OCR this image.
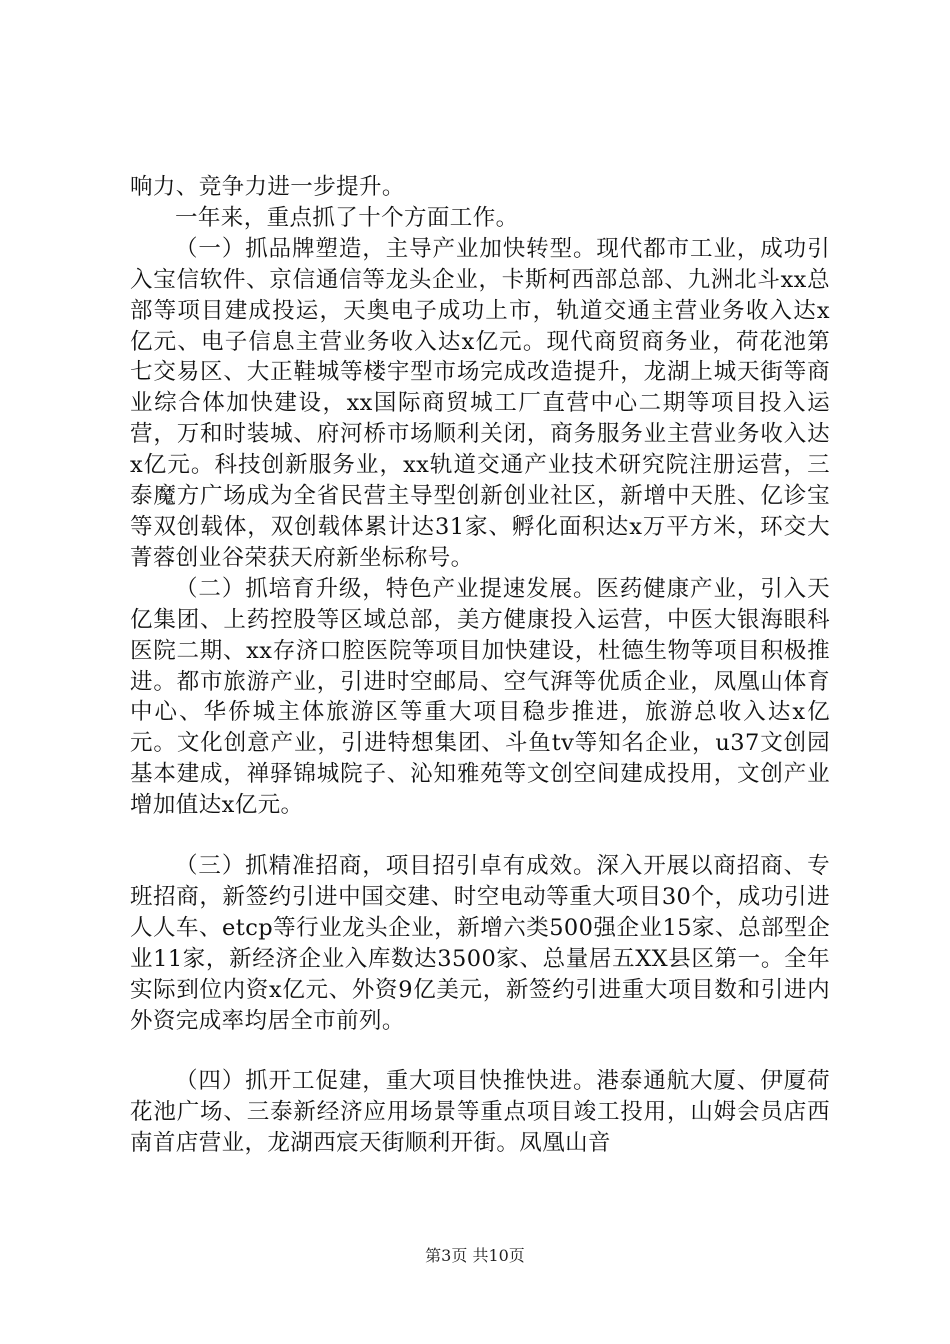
响力、竞争力进一步提升。

一年来，重点抓了十个方面工作。

（一）抓品牌塑造，主导产业加快转型。现代都市工业，成功引入宝信软件、京信通信等龙头企业，卡斯柯西部总部、九洲北斗xx总部等项目建成投运，天奥电子成功上市，轨道交通主营业务收入达x亿元、电子信息主营业务收入达x亿元。现代商贸商务业，荷花池第七交易区、大正鞋城等楼宇型市场完成改造提升，龙湖上城天街等商业综合体加快建设，xx国际商贸城工厂直营中心二期等项目投入运营，万和时装城、府河桥市场顺利关闭，商务服务业主营业务收入达x亿元。科技创新服务业，xx轨道交通产业技术研究院注册运营，三泰魔方广场成为全省民营主导型创新创业社区，新增中天胜、亿诊宝等双创载体，双创载体累计达31家、孵化面积达x万平方米，环交大菁蓉创业谷荣获天府新坐标称号。

（二）抓培育升级，特色产业提速发展。医药健康产业，引入天亿集团、上药控股等区域总部，美方健康投入运营，中医大银海眼科医院二期、xx存济口腔医院等项目加快建设，杜德生物等项目积极推进。都市旅游产业，引进时空邮局、空气湃等优质企业，凤凰山体育中心、华侨城主体旅游区等重大项目稳步推进，旅游总收入达x亿元。文化创意产业，引进特想集团、斗鱼tv等知名企业，u37文创园基本建成，禅驿锦城院子、沁知雅苑等文创空间建成投用，文创产业增加值达x亿元。

（三）抓精准招商，项目招引卓有成效。深入开展以商招商、专班招商，新签约引进中国交建、时空电动等重大项目30个，成功引进人人车、etcp等行业龙头企业，新增六类500强企业15家、总部型企业11家，新经济企业入库数达3500家、总量居五XX县区第一。全年实际到位内资x亿元、外资9亿美元，新签约引进重大项目数和引进内外资完成率均居全市前列。

（四）抓开工促建，重大项目快推快进。港泰通航大厦、伊厦荷花池广场、三泰新经济应用场景等重点项目竣工投用，山姆会员店西南首店营业，龙湖西宸天街顺利开街。凤凰山音

第3页 共10页
